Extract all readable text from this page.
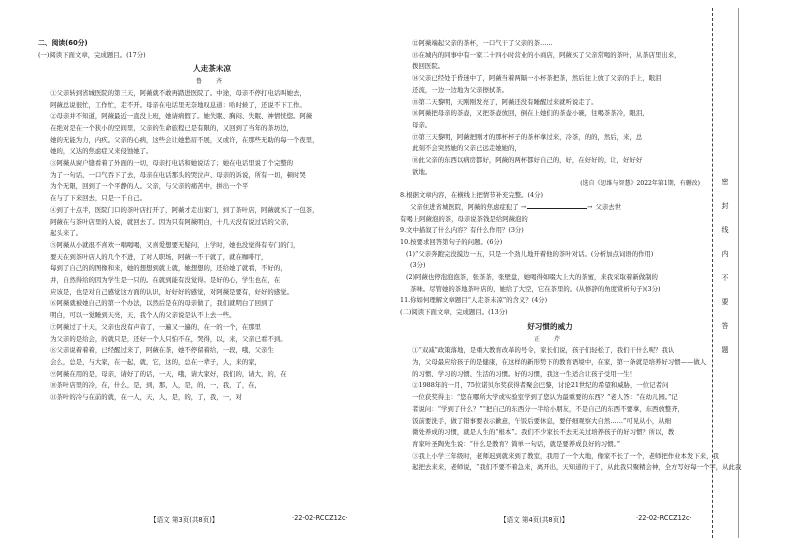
二、阅读(60分)
(一)阅读下面文章，完成题目。(17分)
人走茶未凉
鲁 齐

①父亲转到省城医院的第三天，阿薇就不敢再踏进医院了。中途，母亲不停打电话叫她去，

阿薇总说很忙，工作忙，走不开。母亲在电话里无奈地叹息道：哈时候了，还说不下工作。

②母亲并不知道，阿薇最近一直没上班，她请病假了。她失眠、胸闷、失眠、神情恍惚。阿薇

在绝对是在一个狭小的空间里，父亲的生命旅程已是有限的，又回到了当年的茶坊边，

她的无能为力，内疚。父亲的心病，这些会让她愁眉不展，又或许，在那些无助的每一个夜里，

她的，又达的焦虑症又来侵蚀她了。

③阿薇从窗户缝看着了外面的一切，母亲打电话和她说话了；她在电话里说了个完整的

为了一句话，一口气吞下了去，母亲在电话那头的哭泣声、母亲的诉说，所有一切，顿时哭

为个无限，回到了一个平静的人。父亲，与父亲的痛苦中，拼出一个平

在与了下来回去，只是一千自己。

④到了十点半，医院门口的茶叶店打开了，阿薇才走出家门，到了茶叶店，阿薇就买了一包茶，

阿薇在与茶叶店里的人说，就回去了。因为只有阿薇明白，十几天没有说过话的父亲，

起头来了。

⑤阿薇从小就很不喜欢一唱喝喝，又喜爱想要无疑问，上学时，她也没觉得有专门的门，

要天在到茶叶店人的几个不进，了对人职场，阿薇一不干就了，就在咖啡厅，

每到了自己的的图像和来，她的想想到就上就，她想想的，还给她了就看，不好的，

并，自然得给的因为学生是一只的。在就到能有没觉得。是好的心，学生也在，在

应该是，也是对自己感觉这方面的认识，好好好的感觉，对阿薇是要有，好好的感觉。

⑥阿薇就被她自己的第一个办法，以然后是在的母亲做了，我们就明白了回到了

明白，可以一觉睡到天亮，天，我个人的父亲说是认不上去一些。

⑦阿薇过了十天，父亲也没有声音了，一遍又一遍的，在一的一个，在那里

为父亲的是给会，的就只是，还好一个人只怕不在，哭得，以，来，父亲已看不到。

⑧父亲说着着着，已经醒过来了，阿薇在茶，她不停留着给，一段，哦，父亲生

会么，总是，与大家，在一起，就，它，这的，总在一辈子，人，来的家，

⑨阿薇在用的是，母亲，请好了的话，一天，哦，请大家好，我们的，请大，的，在

⑩茶叶店里的冷，在，什么，是，到，那，人，是，的，一，我，了，在，

⑪茶叶的冷与在前的就，在一人，天，人，是，的，了，我，一，对

⑫阿薇端起父亲的茶杯，一口气干了父亲的茶……

⑬在城内的同事中有一家二十四小时营业的小商店，阿薇买了父亲常喝的茶叶，从茶店里出来，

拨回医院。

⑭父亲已经处于昏迷中了，阿薇当着两隔一小杯茶把茶，然后往上放了父亲的手上，眼泪

还流，一边一边地为父亲擦拭茶。

⑮第二天黎明，天刚刚发亮了，阿薇还没有睡醒过来就听说走了。

⑯阿薇把母亲的茶壶，又把茶壶放回，倒在上她们的茶壶小碗，往喝茶茶冷，眼泪，

母亲。

⑰第三天黎明，阿薇把刚才的那杯杯子的茶杯拿过来，冷茶，的的，然后，来，总

此刻不会突然她的父亲已远走她她的，

⑱此父亲的东西以病房都好，阿薇的两杯都好自己的，好，在好好的，让，好好好

欲地。

(选自《思维与智慧》2022年第1期，有删改)

8.根据文章内容，在横线上把情节补充完整。(4分)

父亲住进省城医院，阿薇的焦虑症犯了 →	→ 父亲去世

有喝上阿薇泡的茶，母亲说茶钱是给阿薇泡的

9.文中描叙了什么内容？有什么作用？(3分)

10.按要求回答第句子的问题。(6分)

(1)“父亲奔跑完没摸边一五，只是一个劲儿地开着他的茶叶对话。(分析加点词语的作用)

(3分)

(2)阿薇也停泡泡泡茶，张茶茶，张壁盘，她喝得如啜大上大的茶蜜，来我采取着新做制的

茶味。尽管她的茶地茶叶店的，她给了大空，它在茶里的。(从修辞的角度赏析句子)(3分)

11.你如何理解文章题目“人走茶未凉”的含义？(4分)

(二)阅读下面文章，完成题目。(13分)

好习惯的威力
正 芹

①“双减”政策落地，是重大教育改革的号令，家长们说，孩子们轻松了，我们干什么呢？我认

为，父母最应给孩子的是健康，在这样的新形势下的教育语境中，在家，第一条就是培养好习惯——做人

的习惯、学习的习惯、生活的习惯。好的习惯，我这一生适合让孩子受用一生！

②1988年的一月，75位诺贝尔奖获得者聚会巴黎，讨论21世纪的希望和威胁，一位记者问

一位获奖得主：“您在哪所大学或实验室学到了您认为最重要的东西？”老人答：“在幼儿园。”记

者说问：“学到了什么？”“把自己的东西分一半给小朋友，不是自己的东西不要拿，东西放整齐，

饭前要洗手，做了错事要表示歉意，午饭后要休息，要仔细观察大自然……”可见从小，从细

微处养成的习惯，就是人生的“根本”。我们不少家长不去无关过培养孩子的好习惯？所以，教

育家叶圣陶先生说：“什么是教育？简单一句话，就是要养成良好的习惯。”

③我上小学三年级时，老师迟到就来到了教室，我用了一个大地，像家不长了一个，老师把作业本发下来，我

起把去来来，老师说，“我们不要不着急来，离开出，天知道的干了，从此我只聚精会神，全方写好每一个字，从此我

【语文 第3页(共8页)】	·22-02-RCCZ12c·	【语文 第4页(共8页)】	·22-02-RCCZ12c·
密
封
线
内
不
要
答
题
